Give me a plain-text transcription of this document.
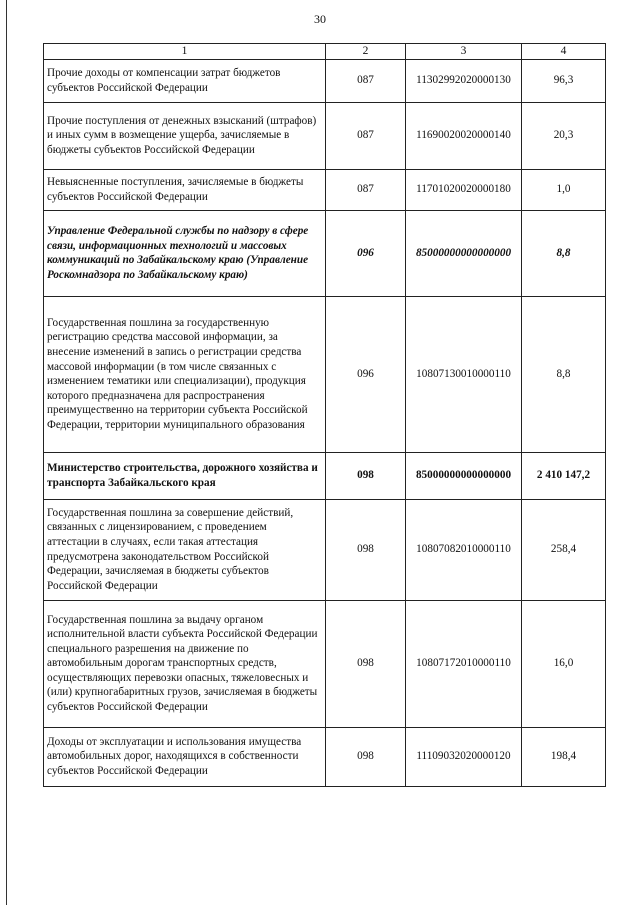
30
1	2	3	4
Прочие доходы от компенсации затрат бюджетов субъектов Российской Федерации	087	11302992020000130	96,3
Прочие поступления от денежных взысканий (штрафов) и иных сумм в возмещение ущерба, зачисляемые в бюджеты субъектов Российской Федерации	087	11690020020000140	20,3
Невыясненные поступления, зачисляемые в бюджеты субъектов Российской Федерации	087	11701020020000180	1,0
Управление Федеральной службы по надзору в сфере связи, информационных технологий и массовых коммуникаций по Забайкальскому краю (Управление Роскомнадзора по Забайкальскому краю)	096	85000000000000000	8,8
Государственная пошлина за государственную регистрацию средства массовой информации, за внесение изменений в запись о регистрации средства массовой информации (в том числе связанных с изменением тематики или специализации), продукция которого предназначена для распространения преимущественно на территории субъекта Российской Федерации, территории муниципального образования	096	10807130010000110	8,8
Министерство строительства, дорожного хозяйства и транспорта Забайкальского края	098	85000000000000000	2 410 147,2
Государственная пошлина за совершение действий, связанных с лицензированием, с проведением аттестации в случаях, если такая аттестация предусмотрена законодательством Российской Федерации, зачисляемая в бюджеты субъектов Российской Федерации	098	10807082010000110	258,4
Государственная пошлина за выдачу органом исполнительной власти субъекта Российской Федерации специального разрешения на движение по автомобильным дорогам транспортных средств, осуществляющих перевозки опасных, тяжеловесных и (или) крупногабаритных грузов, зачисляемая в бюджеты субъектов Российской Федерации	098	10807172010000110	16,0
Доходы от эксплуатации и использования имущества автомобильных дорог, находящихся в собственности субъектов Российской Федерации	098	11109032020000120	198,4
